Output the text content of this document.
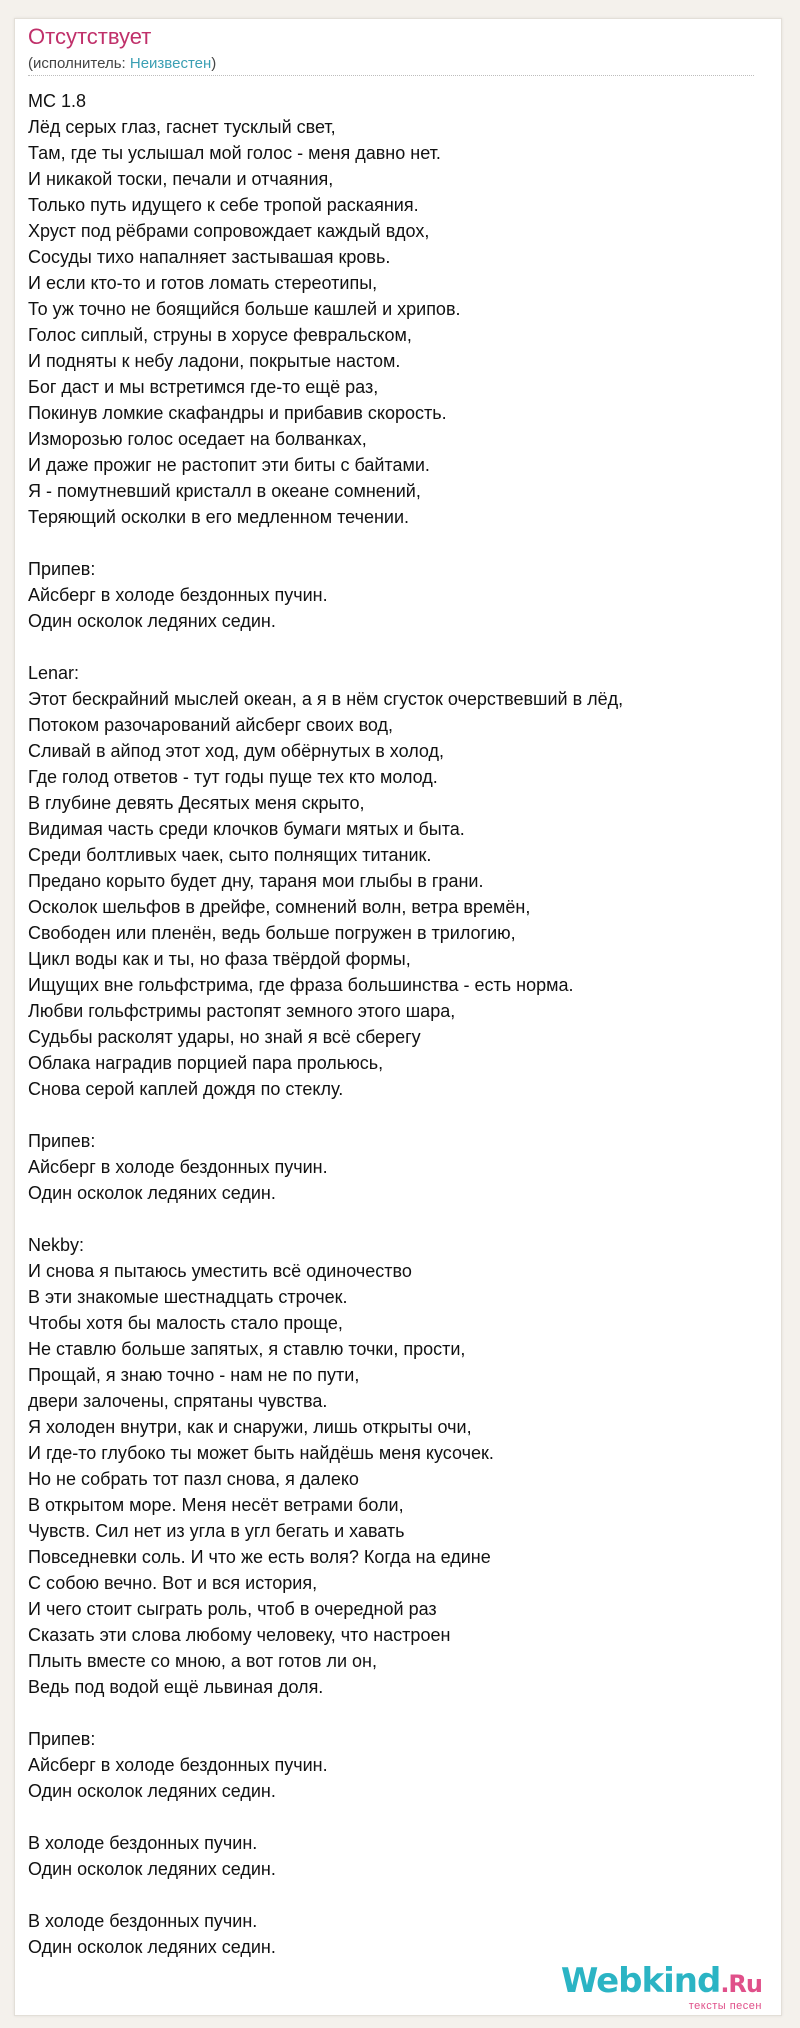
Отсутствует
(исполнитель: Неизвестен)
MC 1.8
Лёд серых глаз, гаснет тусклый свет,
Там, где ты услышал мой голос - меня давно нет.
И никакой тоски, печали и отчаяния,
Только путь идущего к себе тропой раскаяния.
Хруст под рёбрами сопровождает каждый вдох,
Сосуды тихо напалняет застывашая кровь.
И если кто-то и готов ломать стереотипы,
То уж точно не боящийся больше кашлей и хрипов.
Голос сиплый, струны в хорусе февральском,
И подняты к небу ладони, покрытые настом.
Бог даст и мы встретимся где-то ещё раз,
Покинув ломкие скафандры и прибавив скорость.
Изморозью голос оседает на болванках,
И даже прожиг не растопит эти биты с байтами.
Я - помутневший кристалл в океане сомнений,
Теряющий осколки в его медленном течении.
Припев:
Айсберг в холоде бездонных пучин.
Один осколок ледяних седин.
Lenar:
Этот бескрайний мыслей океан, а я в нём сгусток очерствевший в лёд,
Потоком разочарований айсберг своих вод,
Сливай в айпод этот ход, дум обёрнутых в холод,
Где голод ответов - тут годы пуще тех кто молод.
В глубине девять Десятых меня скрыто,
Видимая часть среди клочков бумаги мятых и быта.
Среди болтливых чаек, сыто полнящих титаник.
Предано корыто будет дну, тараня мои глыбы в грани.
Осколок шельфов в дрейфе, сомнений волн, ветра времён,
Свободен или пленён, ведь больше погружен в трилогию,
Цикл воды как и ты, но фаза твёрдой формы,
Ищущих вне гольфстрима, где фраза большинства - есть норма.
Любви гольфстримы растопят земного этого шара,
Судьбы расколят удары, но знай я всё сберегу
Облака наградив порцией пара прольюсь,
Снова серой каплей дождя по стеклу.
Припев:
Айсберг в холоде бездонных пучин.
Один осколок ледяних седин.
Nekby:
И снова я пытаюсь уместить всё одиночество
В эти знакомые шестнадцать строчек.
Чтобы хотя бы малость стало проще,
Не ставлю больше запятых, я ставлю точки, прости,
Прощай, я знаю точно - нам не по пути,
двери залочены, спрятаны чувства.
Я холоден внутри, как и снаружи, лишь открыты очи,
И где-то глубоко ты может быть найдёшь меня кусочек.
Но не собрать тот пазл снова, я далеко
В открытом море. Меня несёт ветрами боли,
Чувств. Сил нет из угла в угл бегать и хавать
Повседневки соль. И что же есть воля? Когда на едине
С собою вечно. Вот и вся история,
И чего стоит сыграть роль, чтоб в очередной раз
Сказать эти слова любому человеку, что настроен
Плыть вместе со мною, а вот готов ли он,
Ведь под водой ещё львиная доля.
Припев:
Айсберг в холоде бездонных пучин.
Один осколок ледяних седин.
В холоде бездонных пучин.
Один осколок ледяних седин.
В холоде бездонных пучин.
Один осколок ледяних седин.
Webkind.Ru
тексты песен
